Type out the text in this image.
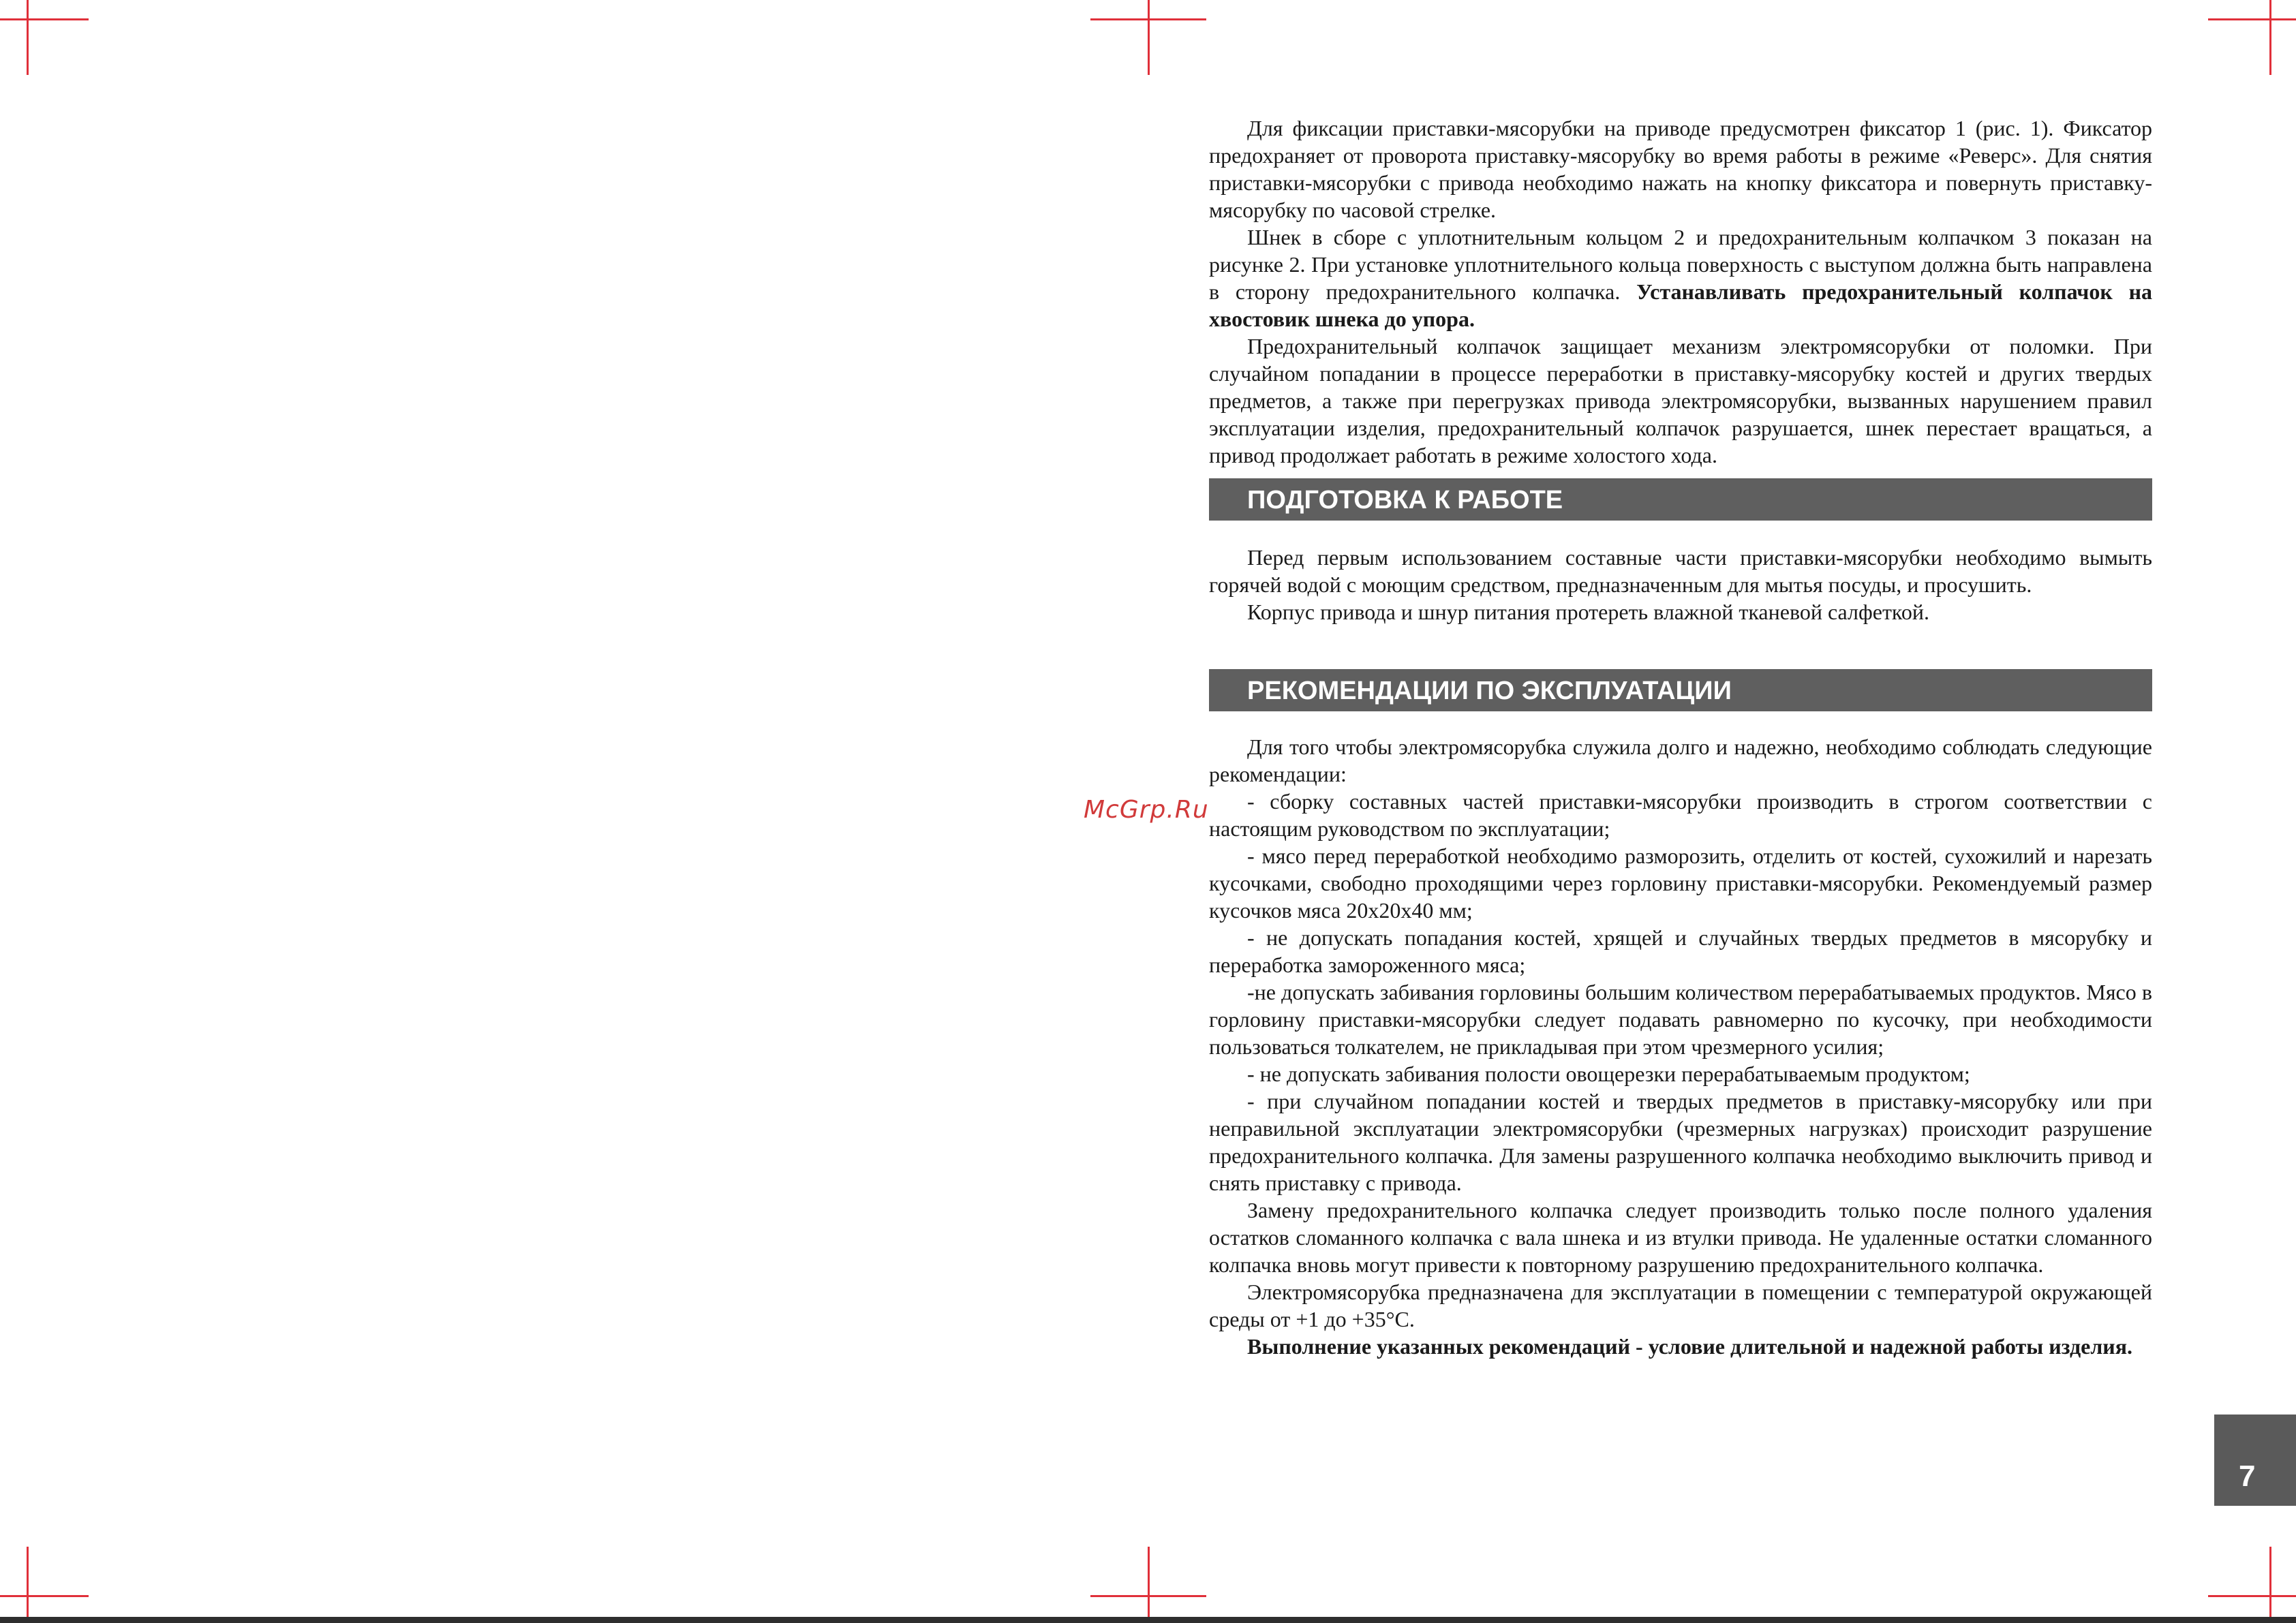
McGrp.Ru

Для фиксации приставки-мясорубки на приводе предусмотрен фиксатор 1 (рис. 1). Фиксатор предохраняет от проворота приставку-мясорубку во время работы в режиме «Реверс». Для снятия приставки-мясорубки с привода необходимо нажать на кнопку фиксатора и повернуть приставку-мясорубку по часовой стрелке.

Шнек в сборе с уплотнительным кольцом 2 и предохранительным колпачком 3 показан на рисунке 2. При установке уплотнительного кольца поверхность с выступом должна быть направлена в сторону предохранительного колпачка. Устанавливать предохранительный колпачок на хвостовик шнека до упора.

Предохранительный колпачок защищает механизм электромясорубки от поломки. При случайном попадании в процессе переработки в приставку-мясорубку костей и других твердых предметов, а также при перегрузках привода электромясорубки, вызванных нарушением правил эксплуатации изделия, предохранительный колпачок разрушается, шнек перестает вращаться, а привод продолжает работать в режиме холостого хода.

ПОДГОТОВКА К РАБОТЕ

Перед первым использованием составные части приставки-мясорубки необходимо вымыть горячей водой с моющим средством, предназначенным для мытья посуды, и просушить.

Корпус привода и шнур питания протереть влажной тканевой салфеткой.

РЕКОМЕНДАЦИИ ПО ЭКСПЛУАТАЦИИ

Для того чтобы электромясорубка служила долго и надежно, необходимо соблюдать следующие рекомендации:

- сборку составных частей приставки-мясорубки производить в строгом соответствии с настоящим руководством по эксплуатации;

- мясо перед переработкой необходимо разморозить, отделить от костей, сухожилий и нарезать кусочками, свободно проходящими через горловину приставки-мясорубки. Рекомендуемый размер кусочков мяса 20х20х40 мм;

- не допускать попадания костей, хрящей и случайных твердых предметов в мясорубку и переработка замороженного мяса;

-не допускать забивания горловины большим количеством перерабатываемых продуктов. Мясо в горловину приставки-мясорубки следует подавать равномерно по кусочку, при необходимости пользоваться толкателем, не прикладывая при этом чрезмерного усилия;

- не допускать забивания полости овощерезки перерабатываемым продуктом;

- при случайном попадании костей и твердых предметов в приставку-мясорубку или при неправильной эксплуатации электромясорубки (чрезмерных нагрузках) происходит разрушение предохранительного колпачка. Для замены разрушенного колпачка необходимо выключить привод и снять приставку с привода.

Замену предохранительного колпачка следует производить только после полного удаления остатков сломанного колпачка с вала шнека и из втулки привода. Не удаленные остатки сломанного колпачка вновь могут привести к повторному разрушению предохранительного колпачка.

Электромясорубка предназначена для эксплуатации в помещении с температурой окружающей среды от +1 до +35°С.

Выполнение указанных рекомендаций - условие длительной и надежной работы изделия.

7
